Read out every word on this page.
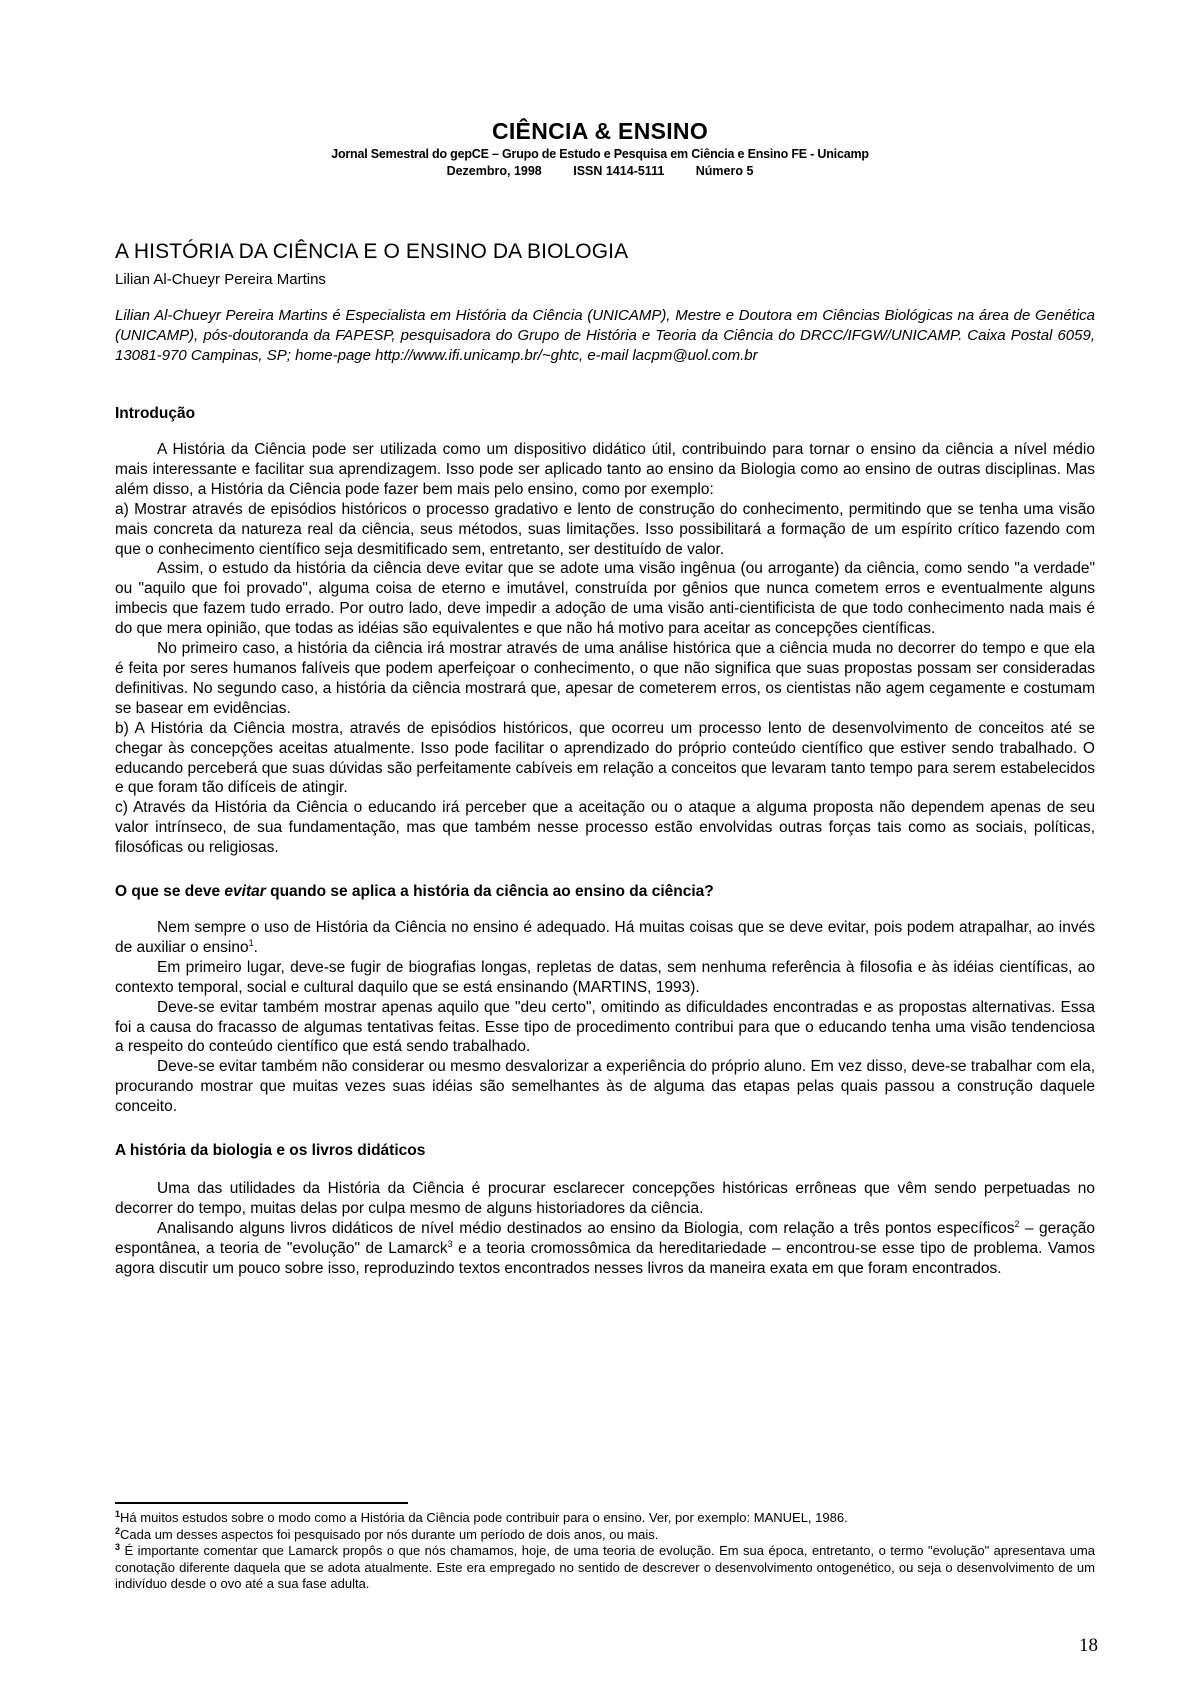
CIÊNCIA & ENSINO
Jornal Semestral do gepCE – Grupo de Estudo e Pesquisa em Ciência e Ensino FE - Unicamp
Dezembro, 1998	ISSN 1414-5111	Número 5
A HISTÓRIA DA CIÊNCIA E O ENSINO DA BIOLOGIA
Lilian Al-Chueyr Pereira Martins
Lilian Al-Chueyr Pereira Martins é Especialista em História da Ciência (UNICAMP), Mestre e Doutora em Ciências Biológicas na área de Genética (UNICAMP), pós-doutoranda da FAPESP, pesquisadora do Grupo de História e Teoria da Ciência do DRCC/IFGW/UNICAMP. Caixa Postal 6059, 13081-970 Campinas, SP; home-page http://www.ifi.unicamp.br/~ghtc, e-mail lacpm@uol.com.br
Introdução

A História da Ciência pode ser utilizada como um dispositivo didático útil, contribuindo para tornar o ensino da ciência a nível médio mais interessante e facilitar sua aprendizagem. Isso pode ser aplicado tanto ao ensino da Biologia como ao ensino de outras disciplinas. Mas além disso, a História da Ciência pode fazer bem mais pelo ensino, como por exemplo:

a) Mostrar através de episódios históricos o processo gradativo e lento de construção do conhecimento, permitindo que se tenha uma visão mais concreta da natureza real da ciência, seus métodos, suas limitações. Isso possibilitará a formação de um espírito crítico fazendo com que o conhecimento científico seja desmitificado sem, entretanto, ser destituído de valor.

Assim, o estudo da história da ciência deve evitar que se adote uma visão ingênua (ou arrogante) da ciência, como sendo "a verdade" ou "aquilo que foi provado", alguma coisa de eterno e imutável, construída por gênios que nunca cometem erros e eventualmente alguns imbecis que fazem tudo errado. Por outro lado, deve impedir a adoção de uma visão anti-cientificista de que todo conhecimento nada mais é do que mera opinião, que todas as idéias são equivalentes e que não há motivo para aceitar as concepções científicas.

No primeiro caso, a história da ciência irá mostrar através de uma análise histórica que a ciência muda no decorrer do tempo e que ela é feita por seres humanos falíveis que podem aperfeiçoar o conhecimento, o que não significa que suas propostas possam ser consideradas definitivas. No segundo caso, a história da ciência mostrará que, apesar de cometerem erros, os cientistas não agem cegamente e costumam se basear em evidências.

b) A História da Ciência mostra, através de episódios históricos, que ocorreu um processo lento de desenvolvimento de conceitos até se chegar às concepções aceitas atualmente. Isso pode facilitar o aprendizado do próprio conteúdo científico que estiver sendo trabalhado. O educando perceberá que suas dúvidas são perfeitamente cabíveis em relação a conceitos que levaram tanto tempo para serem estabelecidos e que foram tão difíceis de atingir.

c) Através da História da Ciência o educando irá perceber que a aceitação ou o ataque a alguma proposta não dependem apenas de seu valor intrínseco, de sua fundamentação, mas que também nesse processo estão envolvidas outras forças tais como as sociais, políticas, filosóficas ou religiosas.

O que se deve evitar quando se aplica a história da ciência ao ensino da ciência?

Nem sempre o uso de História da Ciência no ensino é adequado. Há muitas coisas que se deve evitar, pois podem atrapalhar, ao invés de auxiliar o ensino$^1$.

Em primeiro lugar, deve-se fugir de biografias longas, repletas de datas, sem nenhuma referência à filosofia e às idéias científicas, ao contexto temporal, social e cultural daquilo que se está ensinando (MARTINS, 1993).

Deve-se evitar também mostrar apenas aquilo que "deu certo", omitindo as dificuldades encontradas e as propostas alternativas. Essa foi a causa do fracasso de algumas tentativas feitas. Esse tipo de procedimento contribui para que o educando tenha uma visão tendenciosa a respeito do conteúdo científico que está sendo trabalhado.

Deve-se evitar também não considerar ou mesmo desvalorizar a experiência do próprio aluno. Em vez disso, deve-se trabalhar com ela, procurando mostrar que muitas vezes suas idéias são semelhantes às de alguma das etapas pelas quais passou a construção daquele conceito.

A história da biologia e os livros didáticos

Uma das utilidades da História da Ciência é procurar esclarecer concepções históricas errôneas que vêm sendo perpetuadas no decorrer do tempo, muitas delas por culpa mesmo de alguns historiadores da ciência.

Analisando alguns livros didáticos de nível médio destinados ao ensino da Biologia, com relação a três pontos específicos$^2$ – geração espontânea, a teoria de "evolução" de Lamarck$^3$ e a teoria cromossômica da hereditariedade – encontrou-se esse tipo de problema. Vamos agora discutir um pouco sobre isso, reproduzindo textos encontrados nesses livros da maneira exata em que foram encontrados.

$^1$Há muitos estudos sobre o modo como a História da Ciência pode contribuir para o ensino. Ver, por exemplo: MANUEL, 1986.

$^2$Cada um desses aspectos foi pesquisado por nós durante um período de dois anos, ou mais.

$^3$ É importante comentar que Lamarck propôs o que nós chamamos, hoje, de uma teoria de evolução. Em sua época, entretanto, o termo "evolução" apresentava uma conotação diferente daquela que se adota atualmente. Este era empregado no sentido de descrever o desenvolvimento ontogenético, ou seja o desenvolvimento de um indivíduo desde o ovo até a sua fase adulta.

18
